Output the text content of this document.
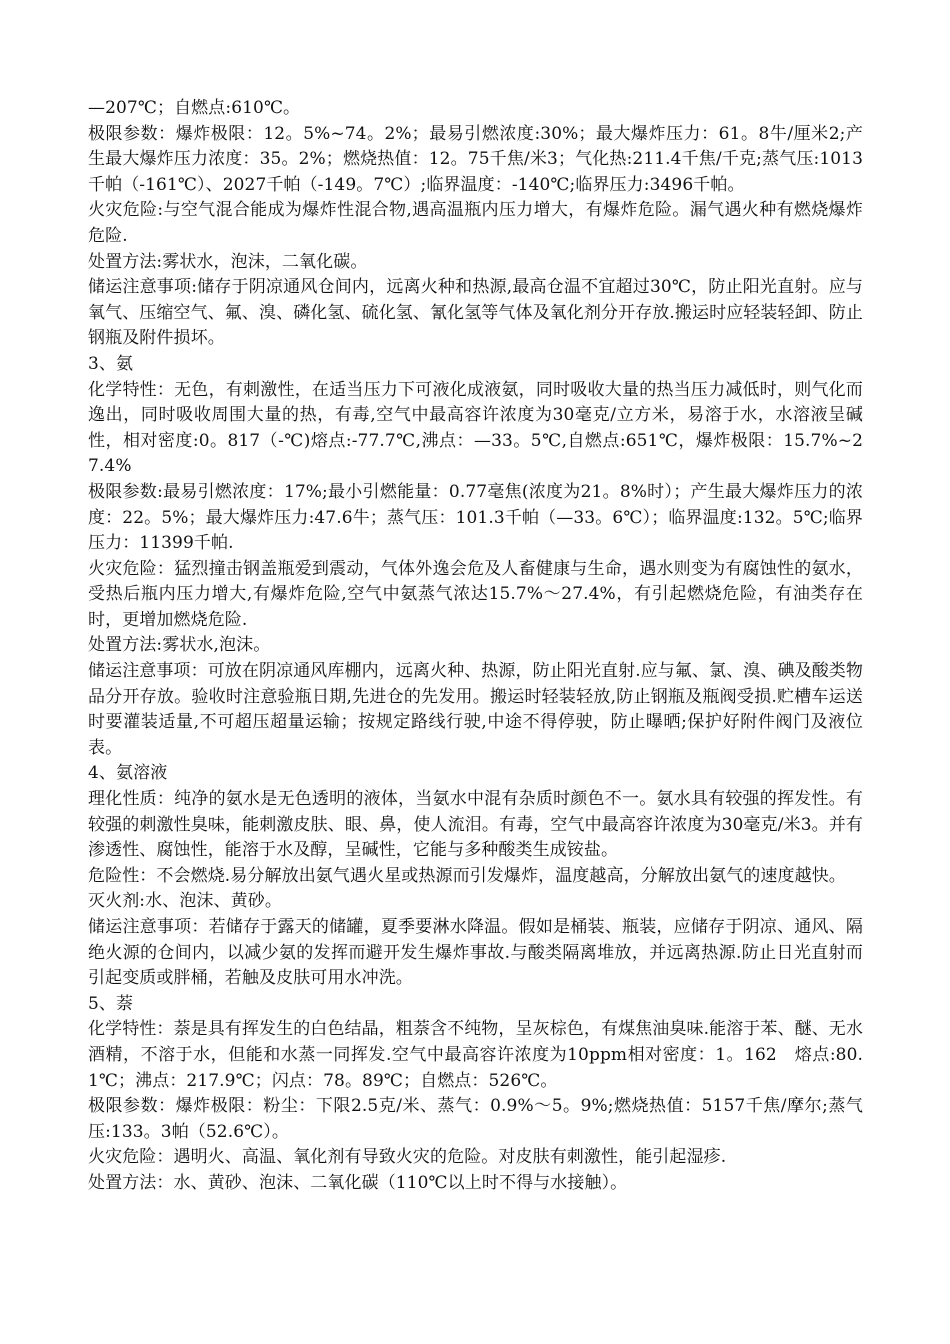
—207℃；自燃点:610℃。

极限参数：爆炸极限：12。5%~74。2%；最易引燃浓度:30%；最大爆炸压力：61。8牛/厘米2;产生最大爆炸压力浓度：35。2%；燃烧热值：12。75千焦/米3；气化热:211.4千焦/千克;蒸气压:1013千帕（-161℃）、2027千帕（-149。7℃）;临界温度：-140℃;临界压力:3496千帕。

火灾危险:与空气混合能成为爆炸性混合物,遇高温瓶内压力增大，有爆炸危险。漏气遇火种有燃烧爆炸危险.

处置方法:雾状水，泡沫，二氧化碳。

储运注意事项:储存于阴凉通风仓间内，远离火种和热源,最高仓温不宜超过30℃，防止阳光直射。应与氧气、压缩空气、氟、溴、磷化氢、硫化氢、氰化氢等气体及氧化剂分开存放.搬运时应轻装轻卸、防止钢瓶及附件损坏。

3、氨

化学特性：无色，有刺激性，在适当压力下可液化成液氨，同时吸收大量的热当压力减低时，则气化而逸出，同时吸收周围大量的热，有毒,空气中最高容许浓度为30毫克/立方米，易溶于水，水溶液呈碱性，相对密度:0。817（-℃)熔点:-77.7℃,沸点：—33。5℃,自燃点:651℃，爆炸极限：15.7%~27.4%

极限参数:最易引燃浓度：17%;最小引燃能量：0.77毫焦(浓度为21。8%时）；产生最大爆炸压力的浓度：22。5%；最大爆炸压力:47.6牛；蒸气压：101.3千帕（—33。6℃）；临界温度:132。5℃;临界压力：11399千帕.

火灾危险：猛烈撞击钢盖瓶爱到震动，气体外逸会危及人畜健康与生命，遇水则变为有腐蚀性的氨水，受热后瓶内压力增大,有爆炸危险,空气中氨蒸气浓达15.7%～27.4%，有引起燃烧危险，有油类存在时，更增加燃烧危险.

处置方法:雾状水,泡沫。

储运注意事项：可放在阴凉通风库棚内，远离火种、热源，防止阳光直射.应与氟、氯、溴、碘及酸类物品分开存放。验收时注意验瓶日期,先进仓的先发用。搬运时轻装轻放,防止钢瓶及瓶阀受损.贮槽车运送时要灌装适量,不可超压超量运输；按规定路线行驶,中途不得停驶，防止曝晒;保护好附件阀门及液位表。

4、氨溶液

理化性质：纯净的氨水是无色透明的液体，当氨水中混有杂质时颜色不一。氨水具有较强的挥发性。有较强的刺激性臭味，能刺激皮肤、眼、鼻，使人流泪。有毒，空气中最高容许浓度为30毫克/米3。并有渗透性、腐蚀性，能溶于水及醇，呈碱性，它能与多种酸类生成铵盐。

危险性：不会燃烧.易分解放出氨气遇火星或热源而引发爆炸，温度越高，分解放出氨气的速度越快。

灭火剂:水、泡沫、黄砂。

储运注意事项：若储存于露天的储罐，夏季要淋水降温。假如是桶装、瓶装，应储存于阴凉、通风、隔绝火源的仓间内，以减少氨的发挥而避开发生爆炸事故.与酸类隔离堆放，并远离热源.防止日光直射而引起变质或胖桶，若触及皮肤可用水冲洗。

5、萘

化学特性：萘是具有挥发生的白色结晶，粗萘含不纯物，呈灰棕色，有煤焦油臭味.能溶于苯、醚、无水酒精，不溶于水，但能和水蒸一同挥发.空气中最高容许浓度为10ppm相对密度：1。162　熔点:80.1℃；沸点：217.9℃；闪点：78。89℃；自燃点：526℃。

极限参数：爆炸极限：粉尘：下限2.5克/米、蒸气：0.9%～5。9%;燃烧热值：5157千焦/摩尔;蒸气压:133。3帕（52.6℃）。

火灾危险：遇明火、高温、氧化剂有导致火灾的危险。对皮肤有刺激性，能引起湿疹.

处置方法：水、黄砂、泡沫、二氧化碳（110℃以上时不得与水接触）。
